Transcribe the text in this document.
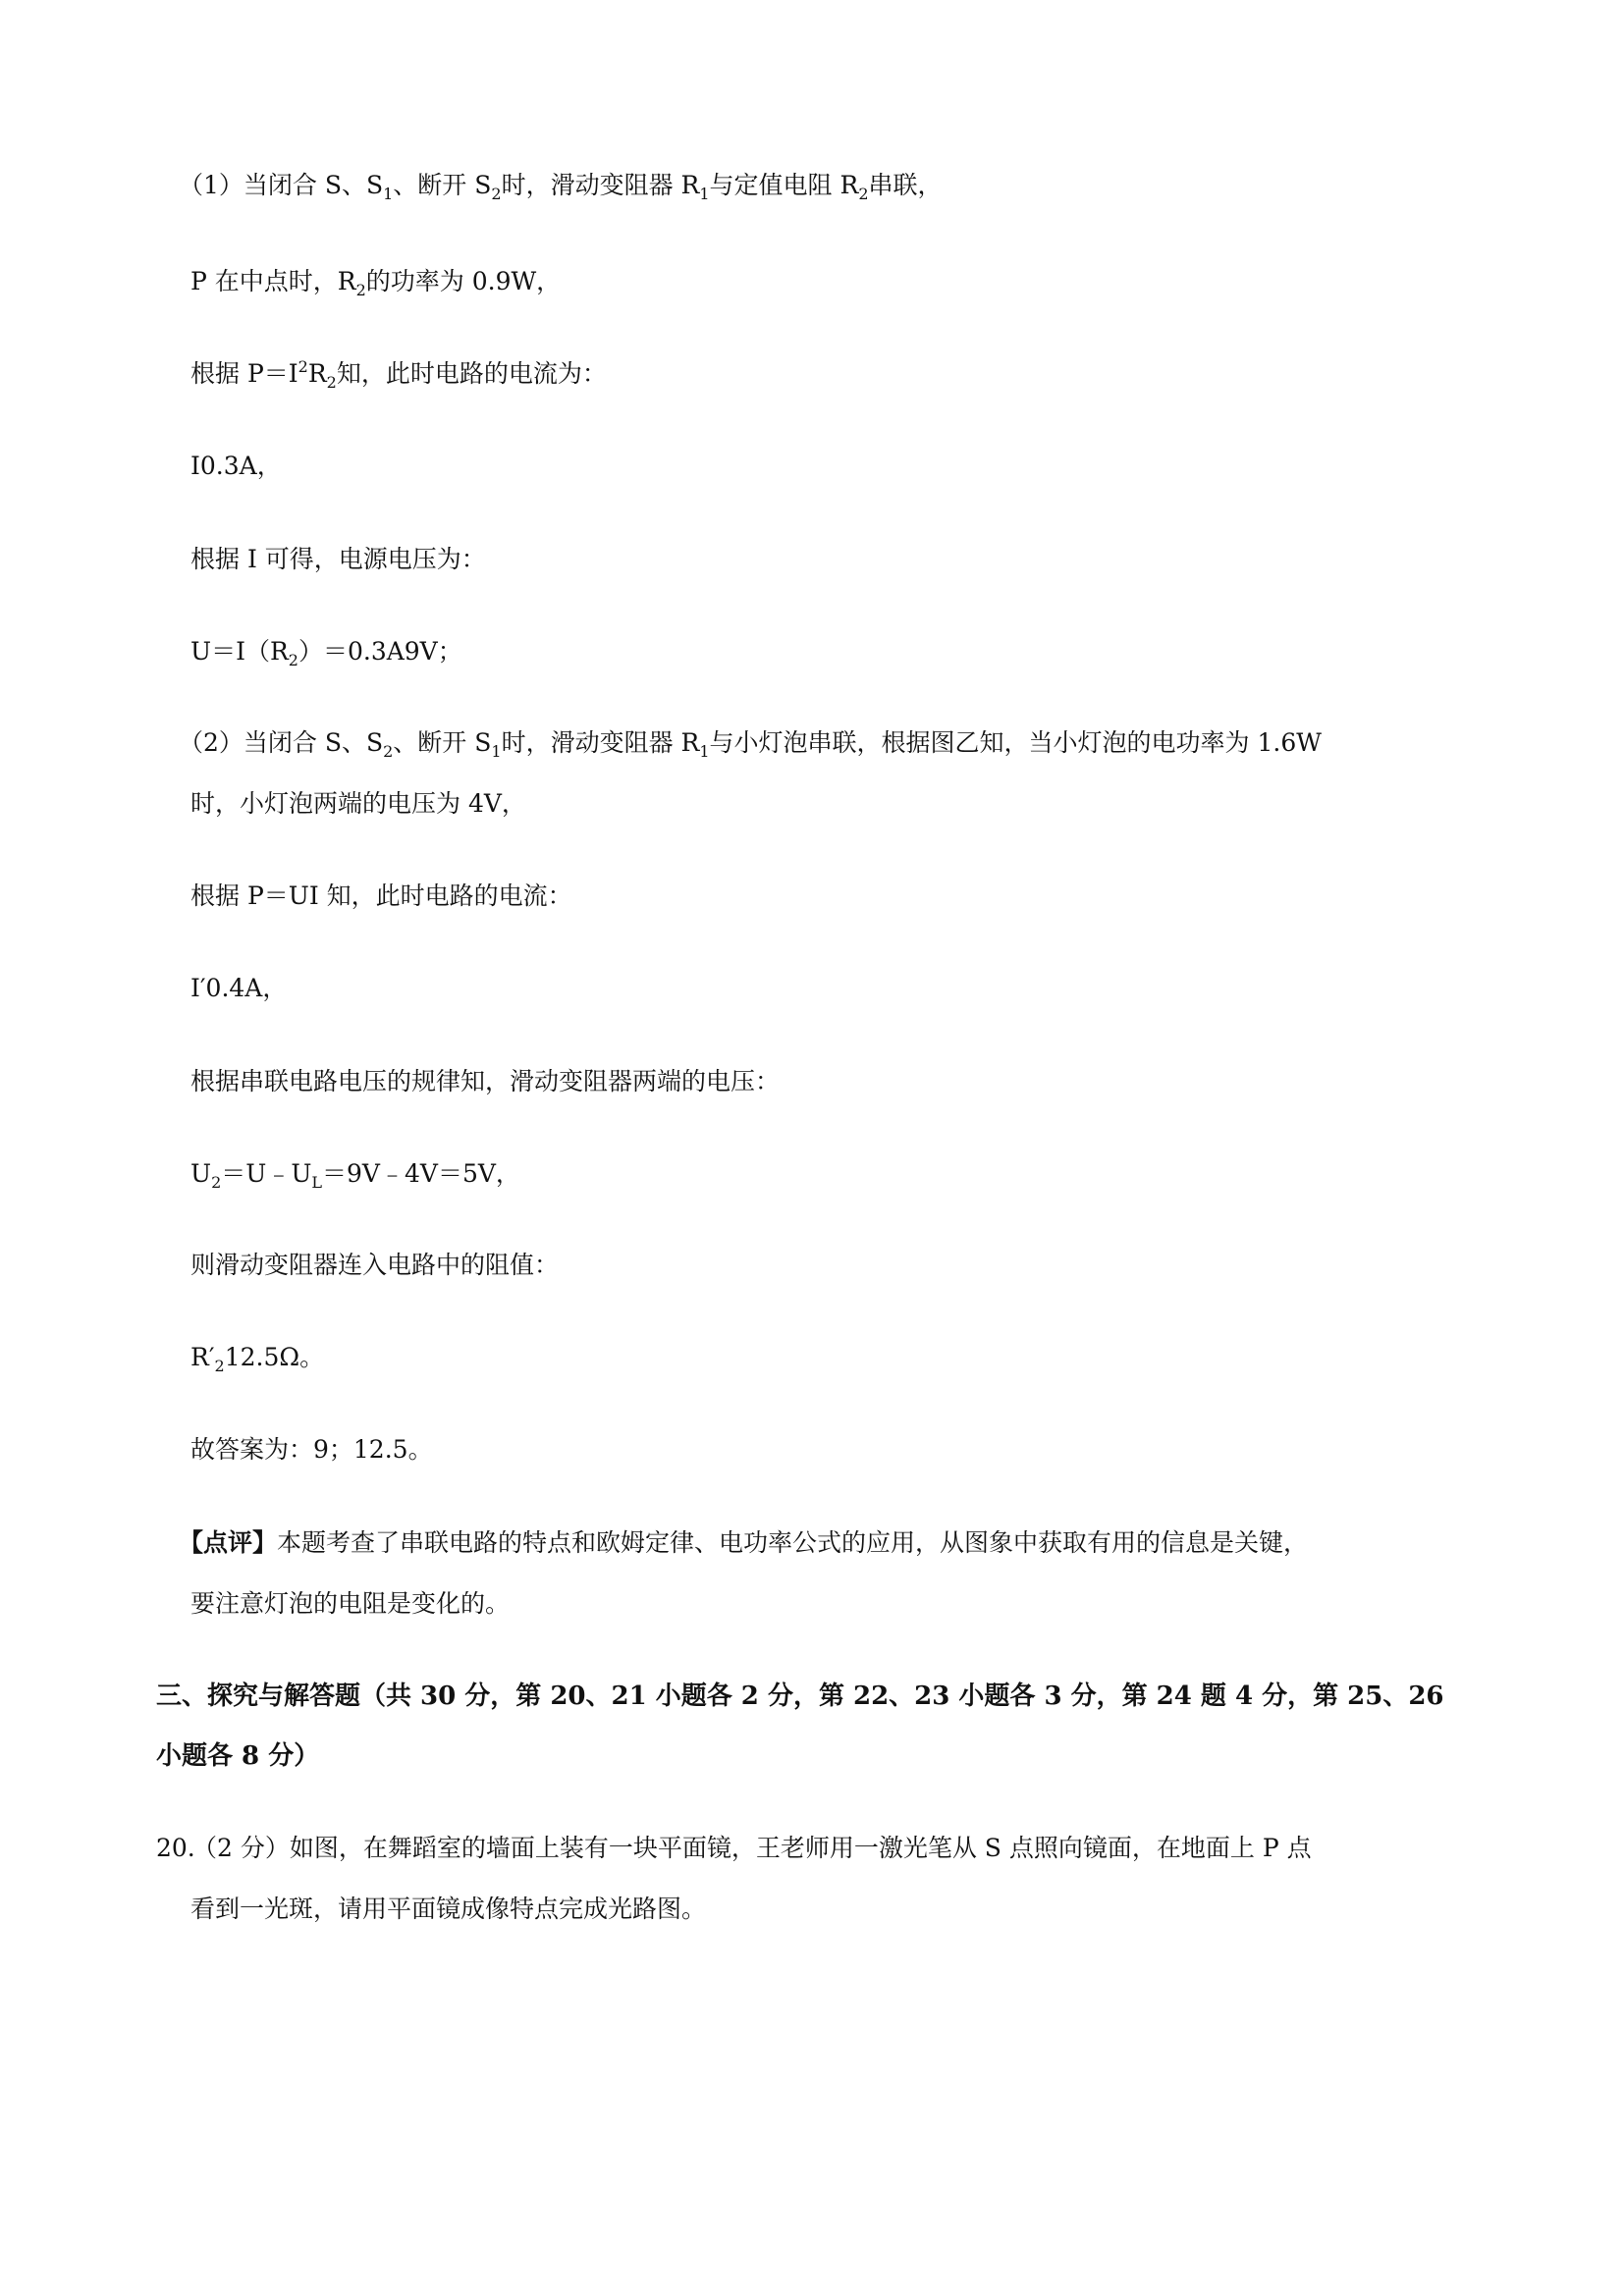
（1）当闭合 S、$S_1$、断开 $S_2$时，滑动变阻器 $R_1$与定值电阻 $R_2$串联，
P 在中点时，$R_2$的功率为 0.9W，
根据 $P=I^2R_2$知，此时电路的电流为：
I0.3A，
根据 I 可得，电源电压为：
$U=I(R_2)=0.3A9V$；
（2）当闭合 S、$S_2$、断开 $S_1$时，滑动变阻器 $R_1$与小灯泡串联，根据图乙知，当小灯泡的电功率为 1.6W
时，小灯泡两端的电压为 4V，
根据 P＝UI 知，此时电路的电流：
I′0.4A，
根据串联电路电压的规律知，滑动变阻器两端的电压：
$U_2=U﹣U_L=9V﹣4V=5V$，
则滑动变阻器连入电路中的阻值：
$R'_212.5\Omega$。
故答案为：9；12.5。
【点评】本题考查了串联电路的特点和欧姆定律、电功率公式的应用，从图象中获取有用的信息是关键，
要注意灯泡的电阻是变化的。
三、探究与解答题（共 30 分，第 20、21 小题各 2 分，第 22、23 小题各 3 分，第 24 题 4 分，第 25、26
小题各 8 分）
20.
（2 分）如图，在舞蹈室的墙面上装有一块平面镜，王老师用一激光笔从 S 点照向镜面，在地面上 P 点
看到一光斑，请用平面镜成像特点完成光路图。
